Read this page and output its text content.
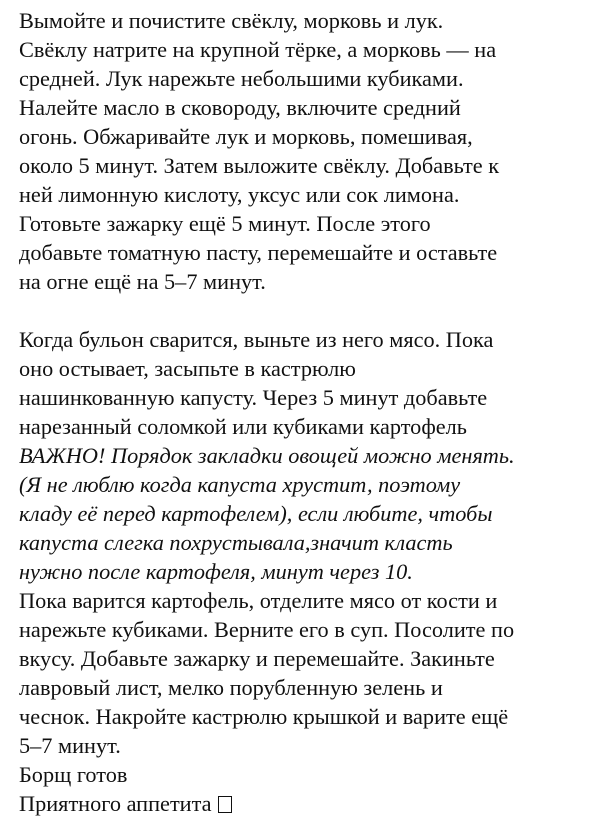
Вымойте и почистите свёклу, морковь и лук.
Свёклу натрите на крупной тёрке, а морковь — на
средней. Лук нарежьте небольшими кубиками.
Налейте масло в сковороду, включите средний
огонь. Обжаривайте лук и морковь, помешивая,
около 5 минут. Затем выложите свёклу. Добавьте к
ней лимонную кислоту, уксус или сок лимона.
Готовьте зажарку ещё 5 минут. После этого
добавьте томатную пасту, перемешайте и оставьте
на огне ещё на 5–7 минут.
Когда бульон сварится, выньте из него мясо. Пока
оно остывает, засыпьте в кастрюлю
нашинкованную капусту. Через 5 минут добавьте
нарезанный соломкой или кубиками картофель
ВАЖНО! Порядок закладки овощей можно менять.
(Я не люблю когда капуста хрустит, поэтому
кладу её перед картофелем), если любите, чтобы
капуста слегка похрустывала,значит класть
нужно после картофеля, минут через 10.
Пока варится картофель, отделите мясо от кости и
нарежьте кубиками. Верните его в суп. Посолите по
вкусу. Добавьте зажарку и перемешайте. Закиньте
лавровый лист, мелко порубленную зелень и
чеснок. Накройте кастрюлю крышкой и варите ещё
5–7 минут.
Борщ готов
Приятного аппетита
